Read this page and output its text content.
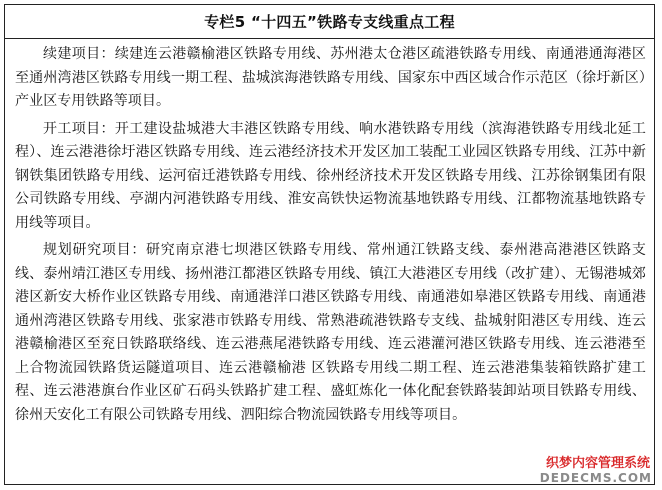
专栏5 “十四五”铁路专支线重点工程

续建项目：续建连云港赣榆港区铁路专用线、苏州港太仓港区疏港铁路专用线、南通港通海港区至通州湾港区铁路专用线一期工程、盐城滨海港铁路专用线、国家东中西区域合作示范区（徐圩新区）产业区专用铁路等项目。

开工项目：开工建设盐城港大丰港区铁路专用线、响水港铁路专用线（滨海港铁路专用线北延工程）、连云港港徐圩港区铁路专用线、连云港经济技术开发区加工装配工业园区铁路专用线、江苏中新钢铁集团铁路专用线、运河宿迁港铁路专用线、徐州经济技术开发区铁路专用线、江苏徐钢集团有限公司铁路专用线、亭湖内河港铁路专用线、淮安高铁快运物流基地铁路专用线、江都物流基地铁路专用线等项目。

规划研究项目：研究南京港七坝港区铁路专用线、常州通江铁路支线、泰州港高港港区铁路支线、泰州靖江港区专用线、扬州港江都港区铁路专用线、镇江大港港区专用线（改扩建）、无锡港城郊港区新安大桥作业区铁路专用线、南通港洋口港区铁路专用线、南通港如皋港区铁路专用线、南通港通州湾港区铁路专用线、张家港市铁路专用线、常熟港疏港铁路专支线、盐城射阳港区专用线、连云港赣榆港区至兖日铁路联络线、连云港燕尾港铁路专用线、连云港灌河港区铁路专用线、连云港港至上合物流园铁路货运隧道项目、连云港赣榆港 区铁路专用线二期工程、连云港港集装箱铁路扩建工程、连云港港旗台作业区矿石码头铁路扩建工程、盛虹炼化一体化配套铁路装卸站项目铁路专用线、徐州天安化工有限公司铁路专用线、泗阳综合物流园铁路专用线等项目。

织梦内容管理系统
DEDECMS.COM
